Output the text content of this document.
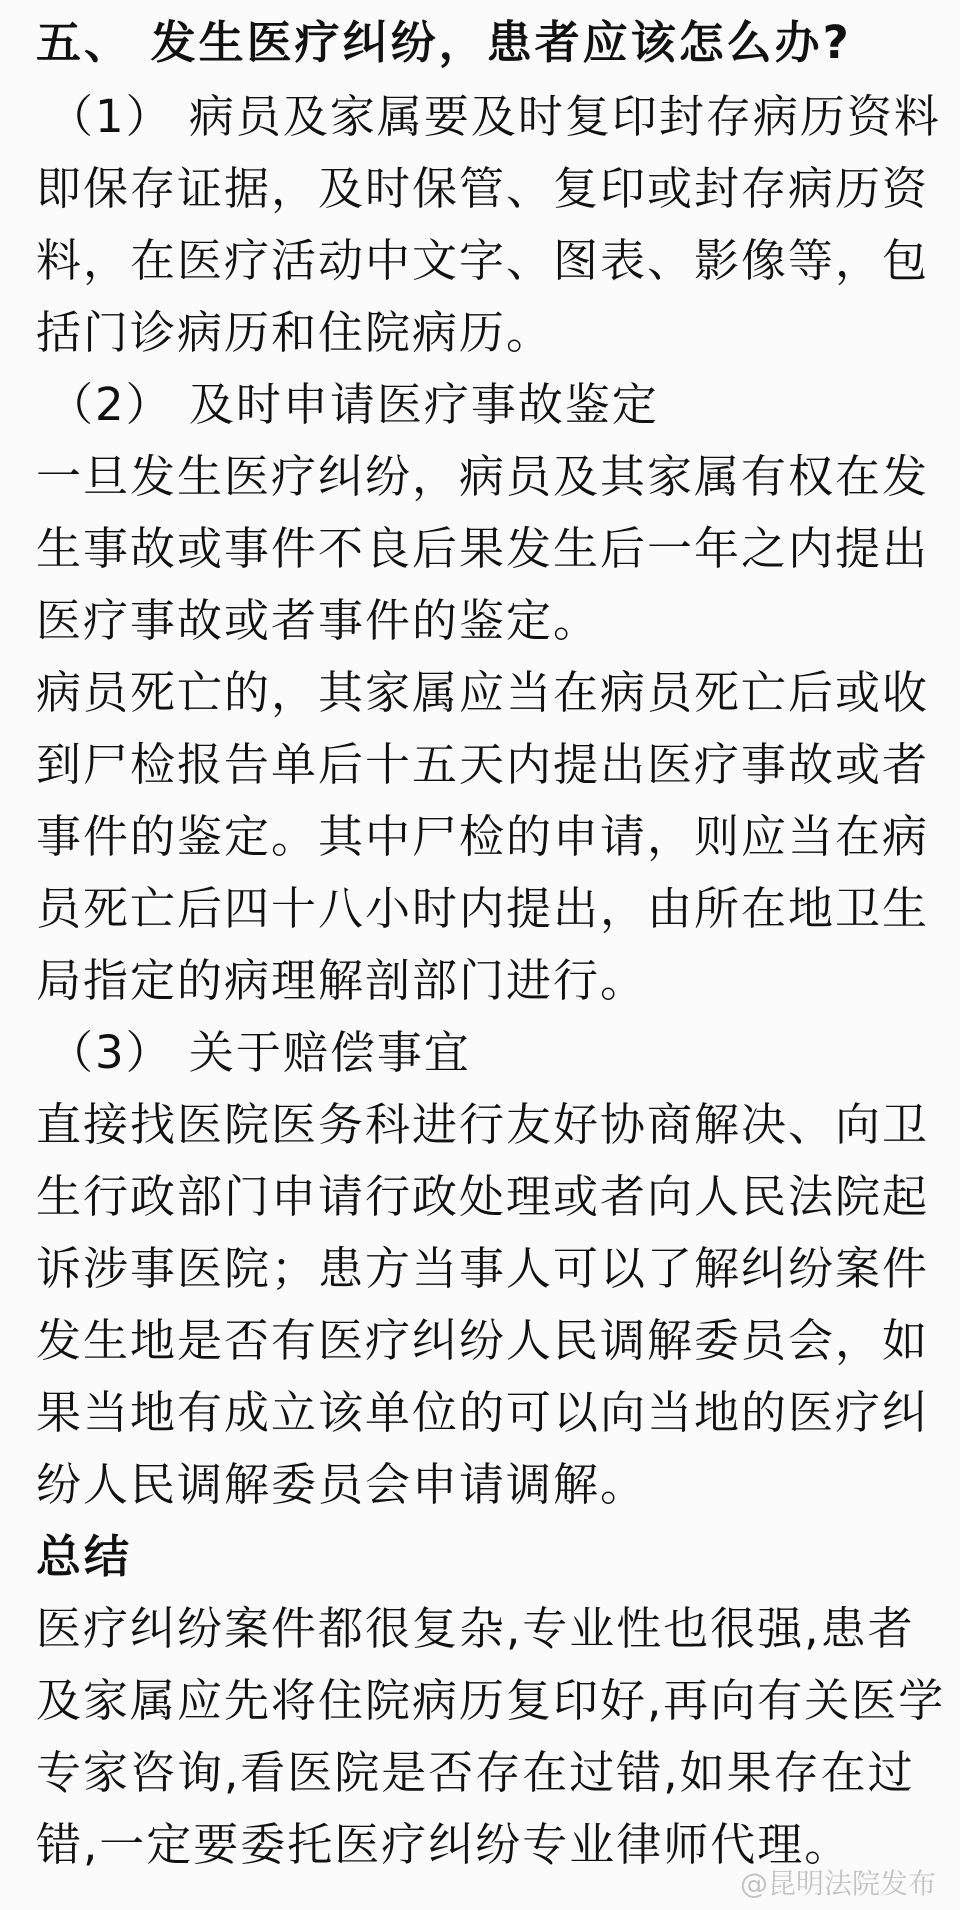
五、 发生医疗纠纷，患者应该怎么办?
（1） 病员及家属要及时复印封存病历资料
即保存证据，及时保管、复印或封存病历资
料，在医疗活动中文字、图表、影像等，包
括门诊病历和住院病历。
（2） 及时申请医疗事故鉴定
一旦发生医疗纠纷，病员及其家属有权在发
生事故或事件不良后果发生后一年之内提出
医疗事故或者事件的鉴定。
病员死亡的，其家属应当在病员死亡后或收
到尸检报告单后十五天内提出医疗事故或者
事件的鉴定。其中尸检的申请，则应当在病
员死亡后四十八小时内提出，由所在地卫生
局指定的病理解剖部门进行。
（3） 关于赔偿事宜
直接找医院医务科进行友好协商解决、向卫
生行政部门申请行政处理或者向人民法院起
诉涉事医院；患方当事人可以了解纠纷案件
发生地是否有医疗纠纷人民调解委员会，如
果当地有成立该单位的可以向当地的医疗纠
纷人民调解委员会申请调解。
总结
医疗纠纷案件都很复杂,专业性也很强,患者
及家属应先将住院病历复印好,再向有关医学
专家咨询,看医院是否存在过错,如果存在过
错,一定要委托医疗纠纷专业律师代理。
@昆明法院发布
